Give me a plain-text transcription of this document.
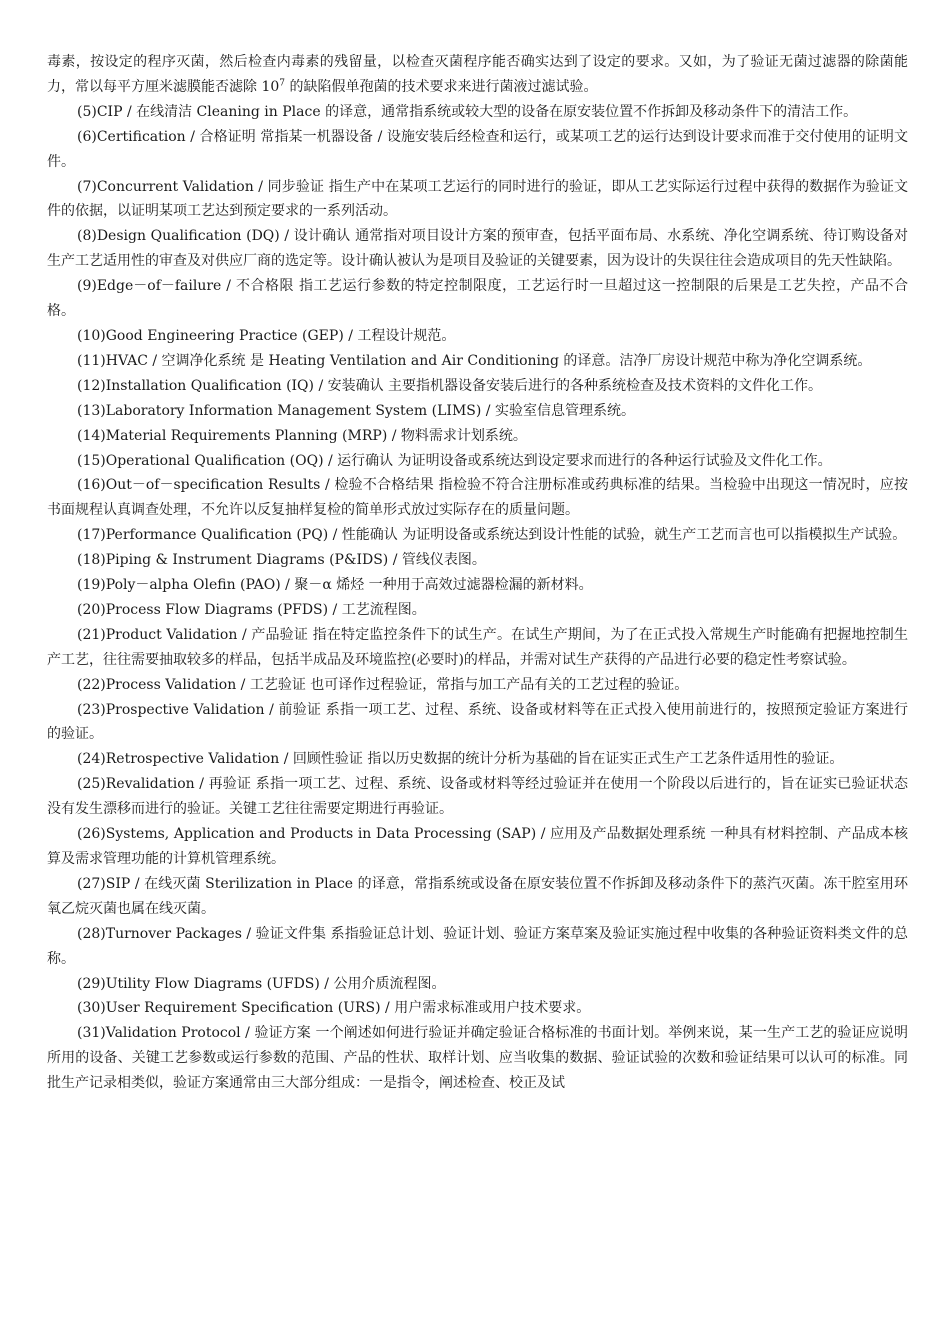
毒素，按设定的程序灭菌，然后检查内毒素的残留量，以检查灭菌程序能否确实达到了设定的要求。又如，为了验证无菌过滤器的除菌能力，常以每平方厘米滤膜能否滤除 $10^7$ 的缺陷假单孢菌的技术要求来进行菌液过滤试验。

(5)CIP / 在线清洁 Cleaning in Place 的译意，通常指系统或较大型的设备在原安装位置不作拆卸及移动条件下的清洁工作。

(6)Certification / 合格证明 常指某一机器设备 / 设施安装后经检查和运行，或某项工艺的运行达到设计要求而准于交付使用的证明文件。

(7)Concurrent Validation / 同步验证 指生产中在某项工艺运行的同时进行的验证，即从工艺实际运行过程中获得的数据作为验证文件的依据，以证明某项工艺达到预定要求的一系列活动。

(8)Design Qualification (DQ) / 设计确认 通常指对项目设计方案的预审查，包括平面布局、水系统、净化空调系统、待订购设备对生产工艺适用性的审查及对供应厂商的选定等。设计确认被认为是项目及验证的关键要素，因为设计的失误往往会造成项目的先天性缺陷。

(9)Edge－of－failure / 不合格限 指工艺运行参数的特定控制限度，工艺运行时一旦超过这一控制限的后果是工艺失控，产品不合格。

(10)Good Engineering Practice (GEP) / 工程设计规范。

(11)HVAC / 空调净化系统 是 Heating Ventilation and Air Conditioning 的译意。洁净厂房设计规范中称为净化空调系统。

(12)Installation Qualification (IQ) / 安装确认 主要指机器设备安装后进行的各种系统检查及技术资料的文件化工作。

(13)Laboratory Information Management System (LIMS) / 实验室信息管理系统。

(14)Material Requirements Planning (MRP) / 物料需求计划系统。

(15)Operational Qualification (OQ) / 运行确认 为证明设备或系统达到设定要求而进行的各种运行试验及文件化工作。

(16)Out－of－specification Results / 检验不合格结果 指检验不符合注册标准或药典标准的结果。当检验中出现这一情况时，应按书面规程认真调查处理，不允许以反复抽样复检的简单形式放过实际存在的质量问题。

(17)Performance Qualification (PQ) / 性能确认 为证明设备或系统达到设计性能的试验，就生产工艺而言也可以指模拟生产试验。

(18)Piping & Instrument Diagrams (P&IDS) / 管线仪表图。

(19)Poly－alpha Olefin (PAO) / 聚－α 烯烃 一种用于高效过滤器检漏的新材料。

(20)Process Flow Diagrams (PFDS) / 工艺流程图。

(21)Product Validation / 产品验证 指在特定监控条件下的试生产。在试生产期间，为了在正式投入常规生产时能确有把握地控制生产工艺，往往需要抽取较多的样品，包括半成品及环境监控(必要时)的样品，并需对试生产获得的产品进行必要的稳定性考察试验。

(22)Process Validation / 工艺验证 也可译作过程验证，常指与加工产品有关的工艺过程的验证。

(23)Prospective Validation / 前验证 系指一项工艺、过程、系统、设备或材料等在正式投入使用前进行的，按照预定验证方案进行的验证。

(24)Retrospective Validation / 回顾性验证 指以历史数据的统计分析为基础的旨在证实正式生产工艺条件适用性的验证。

(25)Revalidation / 再验证 系指一项工艺、过程、系统、设备或材料等经过验证并在使用一个阶段以后进行的，旨在证实已验证状态没有发生漂移而进行的验证。关键工艺往往需要定期进行再验证。

(26)Systems, Application and Products in Data Processing (SAP) / 应用及产品数据处理系统 一种具有材料控制、产品成本核算及需求管理功能的计算机管理系统。

(27)SIP / 在线灭菌 Sterilization in Place 的译意，常指系统或设备在原安装位置不作拆卸及移动条件下的蒸汽灭菌。冻干腔室用环氧乙烷灭菌也属在线灭菌。

(28)Turnover Packages / 验证文件集 系指验证总计划、验证计划、验证方案草案及验证实施过程中收集的各种验证资料类文件的总称。

(29)Utility Flow Diagrams (UFDS) / 公用介质流程图。

(30)User Requirement Specification (URS) / 用户需求标准或用户技术要求。

(31)Validation Protocol / 验证方案 一个阐述如何进行验证并确定验证合格标准的书面计划。举例来说，某一生产工艺的验证应说明所用的设备、关键工艺参数或运行参数的范围、产品的性状、取样计划、应当收集的数据、验证试验的次数和验证结果可以认可的标准。同批生产记录相类似，验证方案通常由三大部分组成：一是指令，阐述检查、校正及试
